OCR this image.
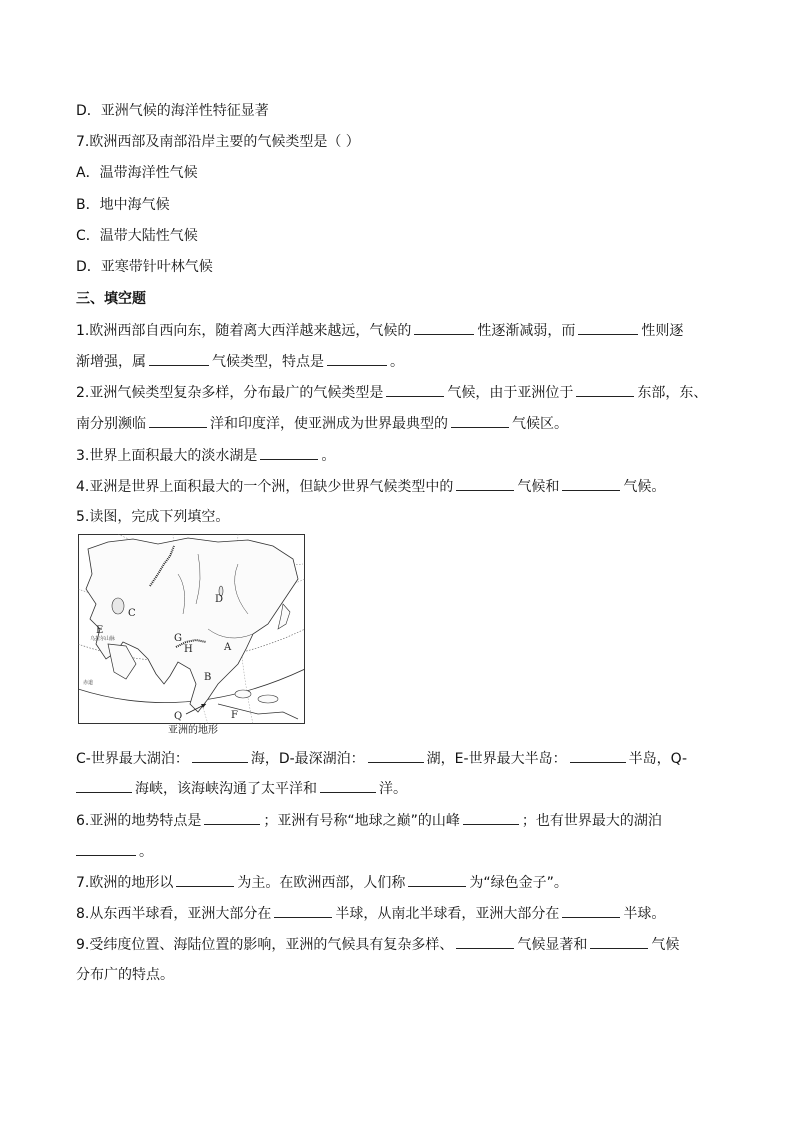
D．亚洲气候的海洋性特征显著
7.欧洲西部及南部沿岸主要的气候类型是（ ）
A．温带海洋性气候
B．地中海气候
C．温带大陆性气候
D．亚寒带针叶林气候
三、填空题
1.欧洲西部自西向东，随着离大西洋越来越远，气候的	性逐渐减弱，而	性则逐
渐增强，属	气候类型，特点是	。
2.亚洲气候类型复杂多样，分布最广的气候类型是	气候，由于亚洲位于	东部，东、
南分别濒临	洋和印度洋，使亚洲成为世界最典型的	气候区。
3.世界上面积最大的淡水湖是	。
4.亚洲是世界上面积最大的一个洲，但缺少世界气候类型中的	气候和	气候。
5.读图，完成下列填空。
A
B
C
D
E
F
G
H
Q
乌拉尔山脉
赤道
亚洲的地形
C-世界最大湖泊：	海，D-最深湖泊：	湖，E-世界最大半岛：	半岛，Q-
海峡，该海峡沟通了太平洋和	洋。
6.亚洲的地势特点是	；亚洲有号称“地球之巅”的山峰	；也有世界最大的湖泊
。
7.欧洲的地形以	为主。在欧洲西部，人们称	为“绿色金子”。
8.从东西半球看，亚洲大部分在	半球，从南北半球看，亚洲大部分在	半球。
9.受纬度位置、海陆位置的影响，亚洲的气候具有复杂多样、	气候显著和	气候
分布广的特点。
